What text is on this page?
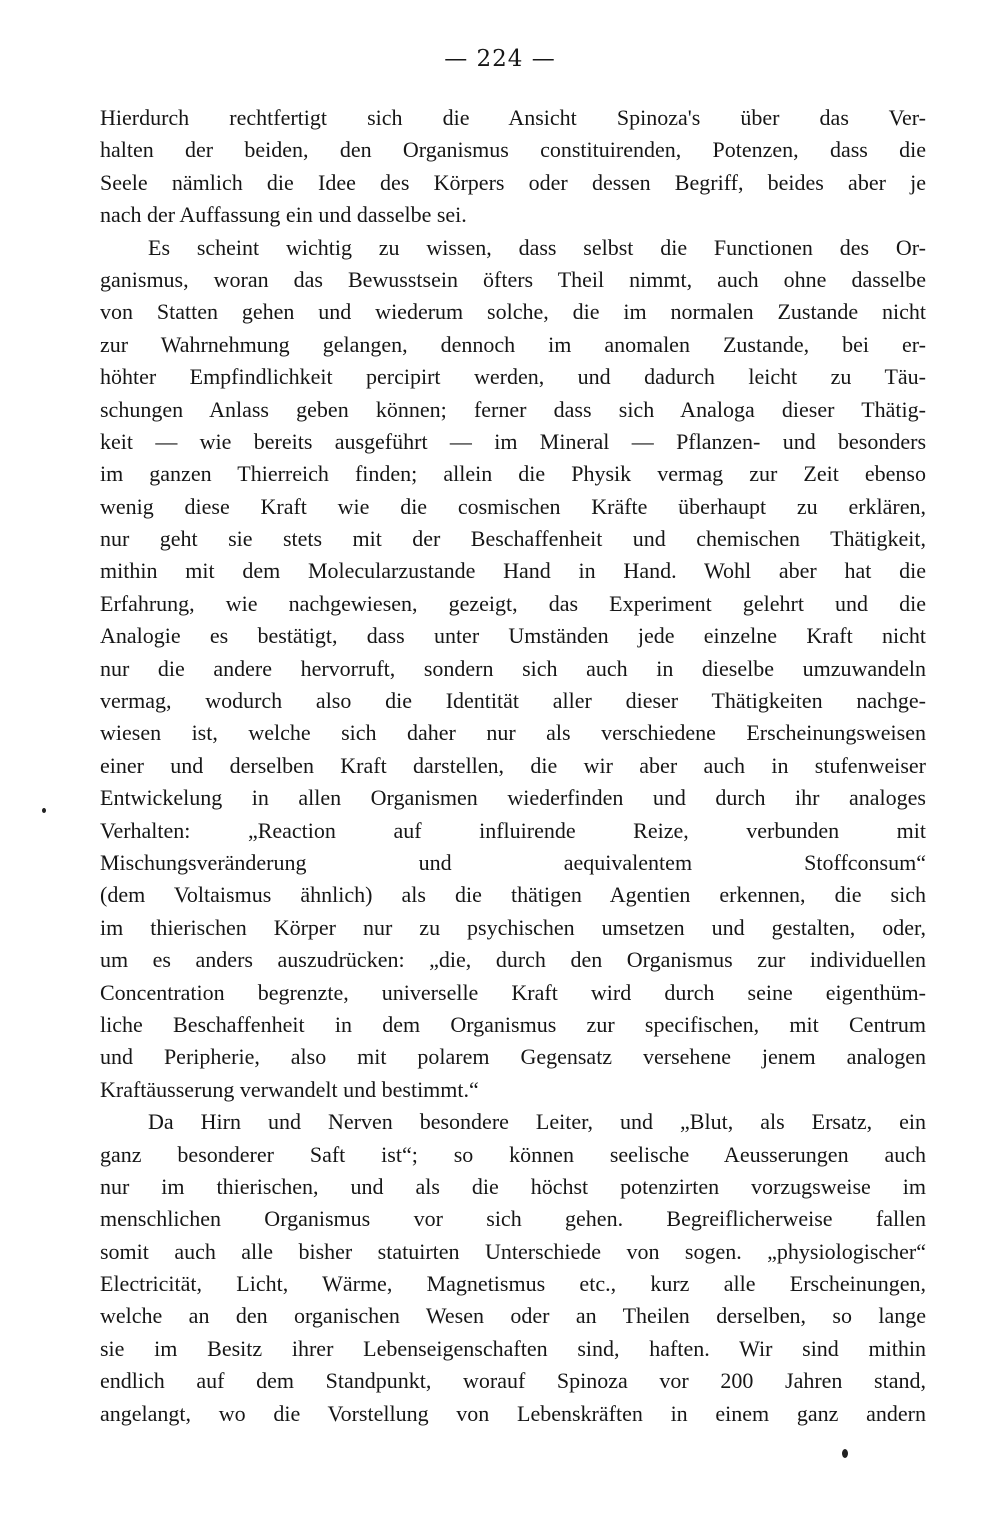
— 224 —
Hierdurch rechtfertigt sich die Ansicht Spinoza's über das Ver-
halten der beiden, den Organismus constituirenden, Potenzen, dass die
Seele nämlich die Idee des Körpers oder dessen Begriff, beides aber je
nach der Auffassung ein und dasselbe sei.
Es scheint wichtig zu wissen, dass selbst die Functionen des Or-
ganismus, woran das Bewusstsein öfters Theil nimmt, auch ohne dasselbe
von Statten gehen und wiederum solche, die im normalen Zustande nicht
zur Wahrnehmung gelangen, dennoch im anomalen Zustande, bei er-
höhter Empfindlichkeit percipirt werden, und dadurch leicht zu Täu-
schungen Anlass geben können; ferner dass sich Analoga dieser Thätig-
keit — wie bereits ausgeführt — im Mineral — Pflanzen- und besonders
im ganzen Thierreich finden; allein die Physik vermag zur Zeit ebenso
wenig diese Kraft wie die cosmischen Kräfte überhaupt zu erklären,
nur geht sie stets mit der Beschaffenheit und chemischen Thätigkeit,
mithin mit dem Molecularzustande Hand in Hand. Wohl aber hat die
Erfahrung, wie nachgewiesen, gezeigt, das Experiment gelehrt und die
Analogie es bestätigt, dass unter Umständen jede einzelne Kraft nicht
nur die andere hervorruft, sondern sich auch in dieselbe umzuwandeln
vermag, wodurch also die Identität aller dieser Thätigkeiten nachge-
wiesen ist, welche sich daher nur als verschiedene Erscheinungsweisen
einer und derselben Kraft darstellen, die wir aber auch in stufenweiser
Entwickelung in allen Organismen wiederfinden und durch ihr analoges
Verhalten: „Reaction auf influirende Reize, verbunden mit
Mischungsveränderung und aequivalentem Stoffconsum“
(dem Voltaismus ähnlich) als die thätigen Agentien erkennen, die sich
im thierischen Körper nur zu psychischen umsetzen und gestalten, oder,
um es anders auszudrücken: „die, durch den Organismus zur individuellen
Concentration begrenzte, universelle Kraft wird durch seine eigenthüm-
liche Beschaffenheit in dem Organismus zur specifischen, mit Centrum
und Peripherie, also mit polarem Gegensatz versehene jenem analogen
Kraftäusserung verwandelt und bestimmt.“
Da Hirn und Nerven besondere Leiter, und „Blut, als Ersatz, ein
ganz besonderer Saft ist“; so können seelische Aeusserungen auch
nur im thierischen, und als die höchst potenzirten vorzugsweise im
menschlichen Organismus vor sich gehen. Begreiflicherweise fallen
somit auch alle bisher statuirten Unterschiede von sogen. „physiologischer“
Electricität, Licht, Wärme, Magnetismus etc., kurz alle Erscheinungen,
welche an den organischen Wesen oder an Theilen derselben, so lange
sie im Besitz ihrer Lebenseigenschaften sind, haften. Wir sind mithin
endlich auf dem Standpunkt, worauf Spinoza vor 200 Jahren stand,
angelangt, wo die Vorstellung von Lebenskräften in einem ganz andern
